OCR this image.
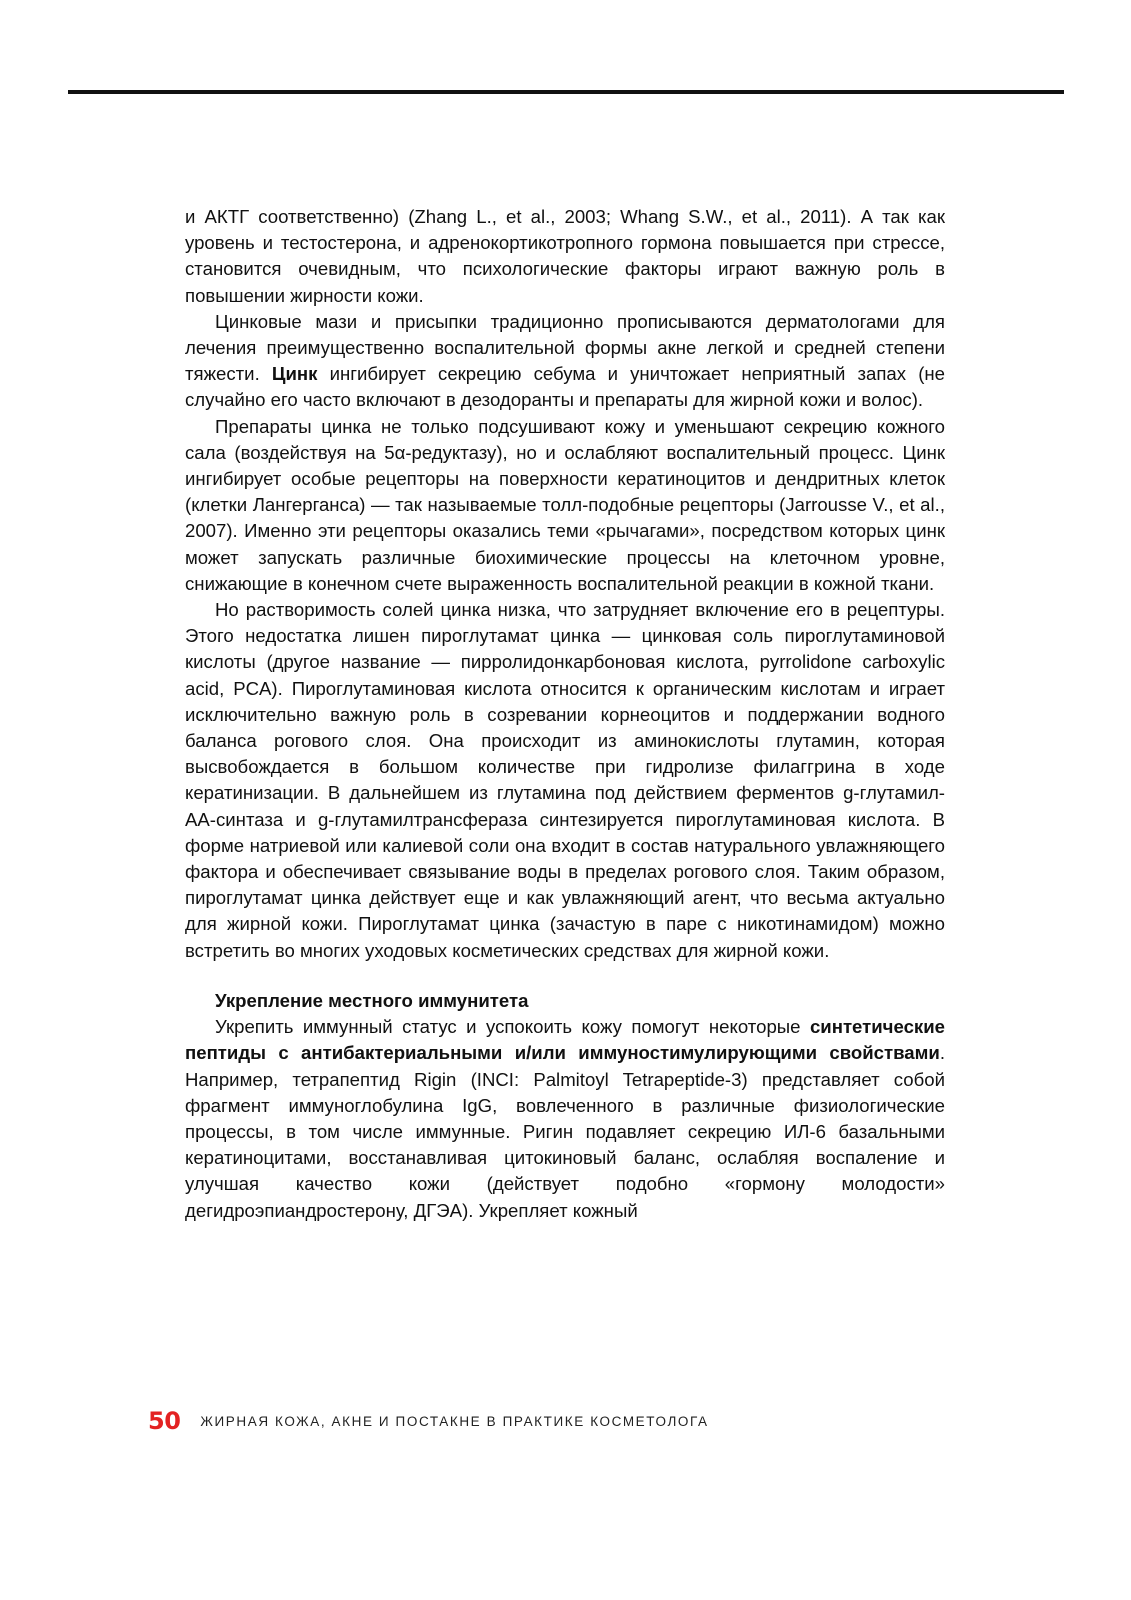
и АКТГ соответственно) (Zhang L., et al., 2003; Whang S.W., et al., 2011). А так как уровень и тестостерона, и адренокортикотропного гормона повышается при стрессе, становится очевидным, что психологические факторы играют важную роль в повышении жирности кожи.

Цинковые мази и присыпки традиционно прописываются дерматологами для лечения преимущественно воспалительной формы акне легкой и средней степени тяжести. Цинк ингибирует секрецию себума и уничтожает неприятный запах (не случайно его часто включают в дезодоранты и препараты для жирной кожи и волос).

Препараты цинка не только подсушивают кожу и уменьшают секрецию кожного сала (воздействуя на 5α-редуктазу), но и ослабляют воспалительный процесс. Цинк ингибирует особые рецепторы на поверхности кератиноцитов и дендритных клеток (клетки Лангерганса) — так называемые толл-подобные рецепторы (Jarrousse V., et al., 2007). Именно эти рецепторы оказались теми «рычагами», посредством которых цинк может запускать различные биохимические процессы на клеточном уровне, снижающие в конечном счете выраженность воспалительной реакции в кожной ткани.

Но растворимость солей цинка низка, что затрудняет включение его в рецептуры. Этого недостатка лишен пироглутамат цинка — цинковая соль пироглутаминовой кислоты (другое название — пирролидонкарбоновая кислота, pyrrolidone carboxylic acid, PCA). Пироглутаминовая кислота относится к органическим кислотам и играет исключительно важную роль в созревании корнеоцитов и поддержании водного баланса рогового слоя. Она происходит из аминокислоты глутамин, которая высвобождается в большом количестве при гидролизе филаггрина в ходе кератинизации. В дальнейшем из глутамина под действием ферментов g-глутамил-АА-синтаза и g-глутамилтрансфераза синтезируется пироглутаминовая кислота. В форме натриевой или калиевой соли она входит в состав натурального увлажняющего фактора и обеспечивает связывание воды в пределах рогового слоя. Таким образом, пироглутамат цинка действует еще и как увлажняющий агент, что весьма актуально для жирной кожи. Пироглутамат цинка (зачастую в паре с никотинамидом) можно встретить во многих уходовых косметических средствах для жирной кожи.

Укрепление местного иммунитета

Укрепить иммунный статус и успокоить кожу помогут некоторые синтетические пептиды с антибактериальными и/или иммуностимулирующими свойствами. Например, тетрапептид Rigin (INCI: Palmitoyl Tetrapeptide-3) представляет собой фрагмент иммуноглобулина IgG, вовлеченного в различные физиологические процессы, в том числе иммунные. Ригин подавляет секрецию ИЛ-6 базальными кератиноцитами, восстанавливая цитокиновый баланс, ослабляя воспаление и улучшая качество кожи (действует подобно «гормону молодости» дегидроэпиандростерону, ДГЭА). Укрепляет кожный

50 ЖИРНАЯ КОЖА, АКНЕ И ПОСТАКНЕ В ПРАКТИКЕ КОСМЕТОЛОГА
